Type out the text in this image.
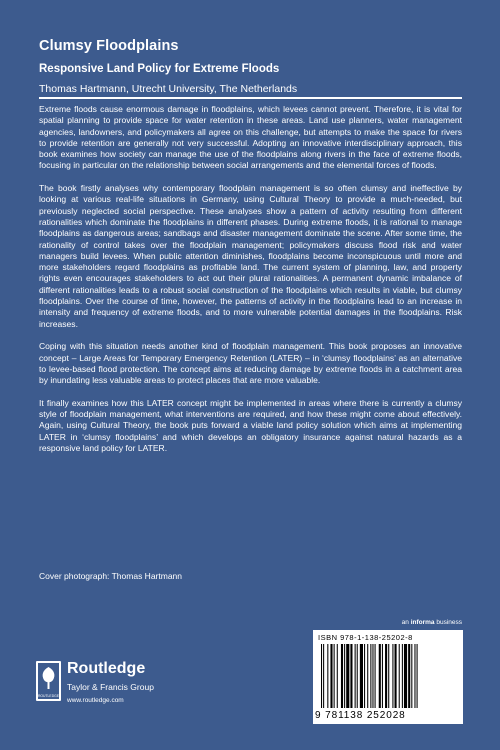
Clumsy Floodplains
Responsive Land Policy for Extreme Floods
Thomas Hartmann, Utrecht University, The Netherlands

Extreme floods cause enormous damage in floodplains, which levees cannot prevent. Therefore, it is vital for spatial planning to provide space for water retention in these areas. Land use planners, water management agencies, landowners, and policymakers all agree on this challenge, but attempts to make the space for rivers to provide retention are generally not very successful. Adopting an innovative interdisciplinary approach, this book examines how society can manage the use of the floodplains along rivers in the face of extreme floods, focusing in particular on the relationship between social arrangements and the elemental forces of floods.

The book firstly analyses why contemporary floodplain management is so often clumsy and ineffective by looking at various real-life situations in Germany, using Cultural Theory to provide a much-needed, but previously neglected social perspective. These analyses show a pattern of activity resulting from different rationalities which dominate the floodplains in different phases. During extreme floods, it is rational to manage floodplains as dangerous areas; sandbags and disaster management dominate the scene. After some time, the rationality of control takes over the floodplain management; policymakers discuss flood risk and water managers build levees. When public attention diminishes, floodplains become inconspicuous until more and more stakeholders regard floodplains as profitable land. The current system of planning, law, and property rights even encourages stakeholders to act out their plural rationalities. A permanent dynamic imbalance of different rationalities leads to a robust social construction of the floodplains which results in viable, but clumsy floodplains. Over the course of time, however, the patterns of activity in the floodplains lead to an increase in intensity and frequency of extreme floods, and to more vulnerable potential damages in the floodplains. Risk increases.

Coping with this situation needs another kind of floodplain management. This book proposes an innovative concept – Large Areas for Temporary Emergency Retention (LATER) – in ‘clumsy floodplains’ as an alternative to levee-based flood protection. The concept aims at reducing damage by extreme floods in a catchment area by inundating less valuable areas to protect places that are more valuable.

It finally examines how this LATER concept might be implemented in areas where there is currently a clumsy style of floodplain management, what interventions are required, and how these might come about effectively. Again, using Cultural Theory, the book puts forward a viable land policy solution which aims at implementing LATER in ‘clumsy floodplains’ and which develops an obligatory insurance against natural hazards as a responsive land policy for LATER.

Cover photograph: Thomas Hartmann
an informa business
ROUTLEDGE
Routledge
Taylor & Francis Group
www.routledge.com
ISBN 978-1-138-25202-8
9 781138 252028
